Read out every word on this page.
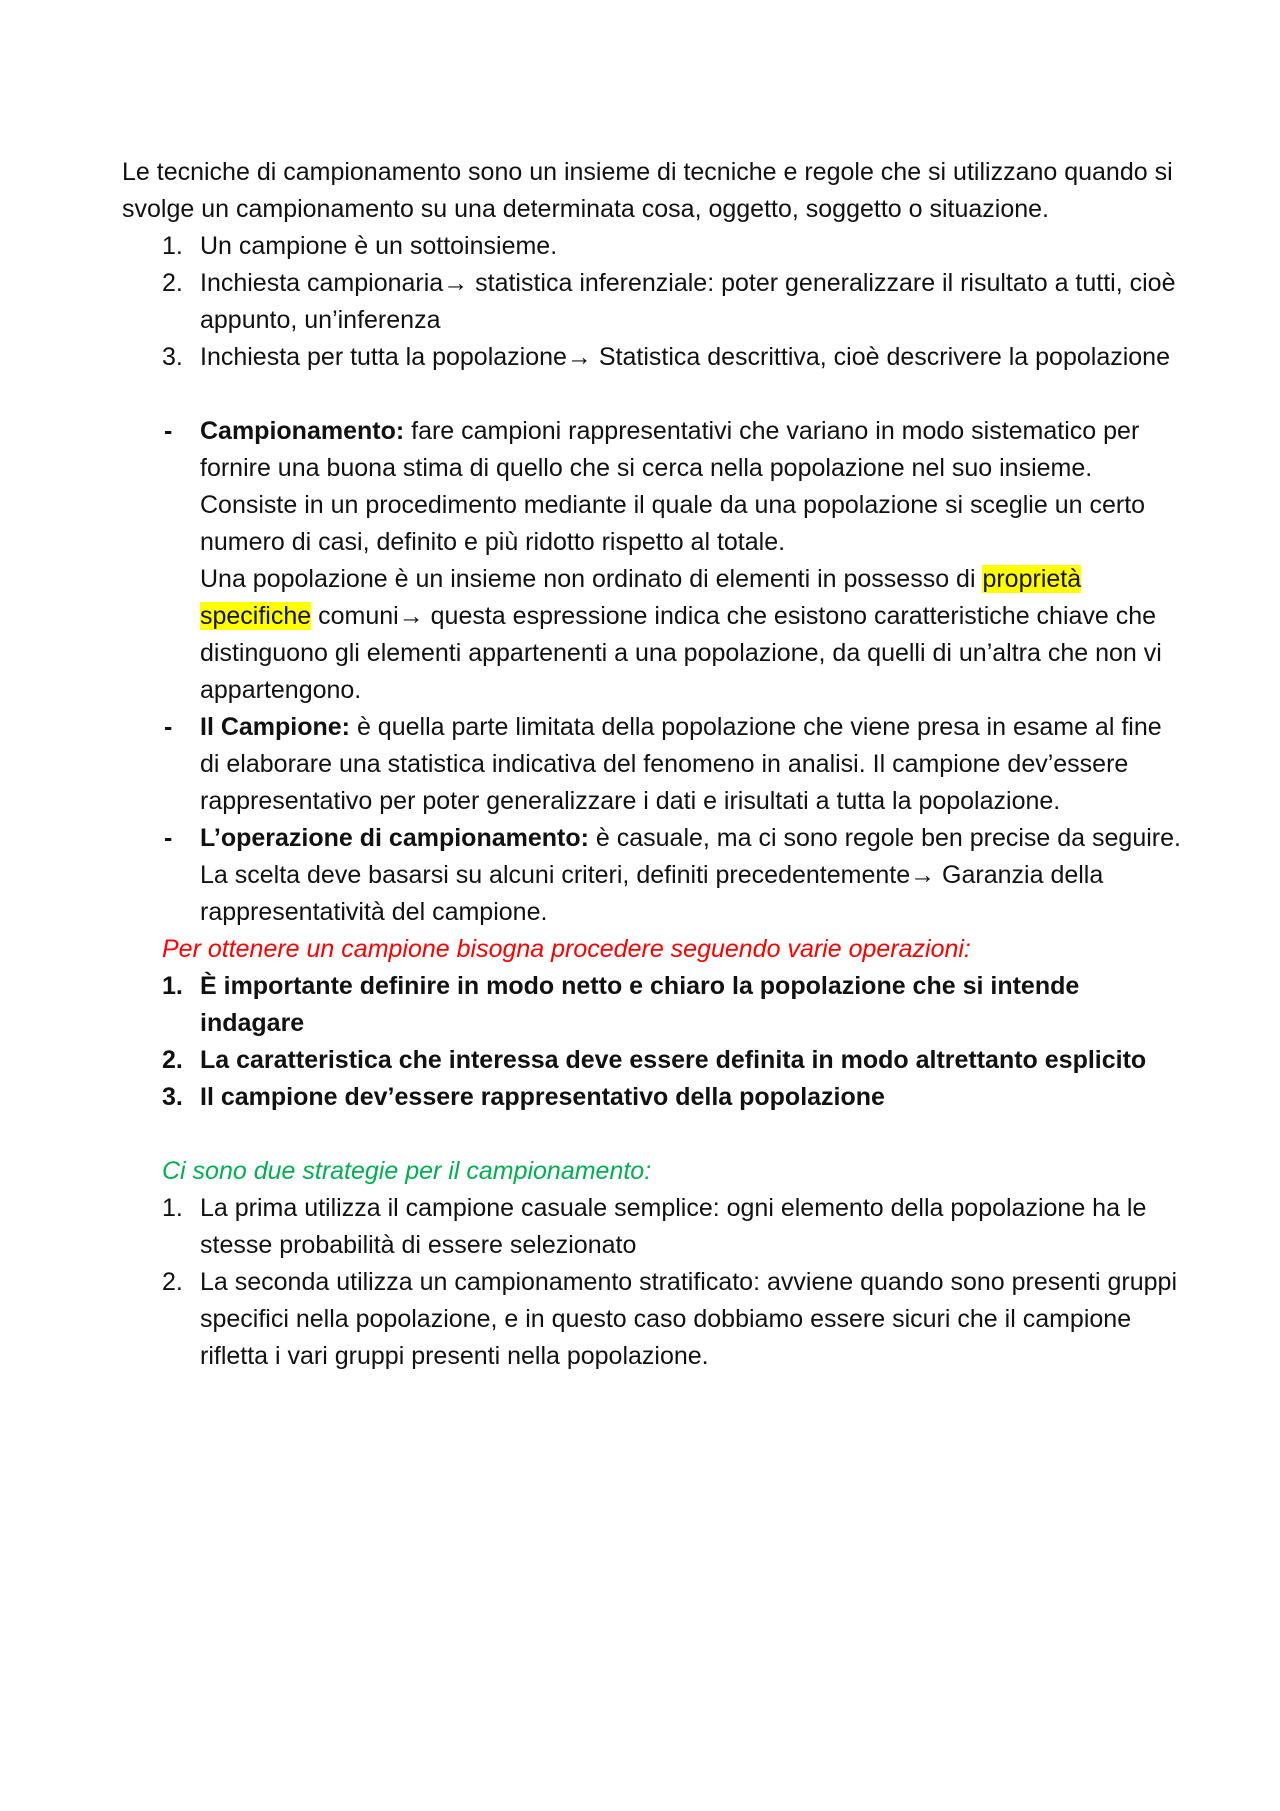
Le tecniche di campionamento sono un insieme di tecniche e regole che si utilizzano quando si svolge un campionamento su una determinata cosa, oggetto, soggetto o situazione.

1. Un campione è un sottoinsieme.
2. Inchiesta campionaria→ statistica inferenziale: poter generalizzare il risultato a tutti, cioè appunto, un’inferenza
3. Inchiesta per tutta la popolazione→ Statistica descrittiva, cioè descrivere la popolazione
- Campionamento: fare campioni rappresentativi che variano in modo sistematico per fornire una buona stima di quello che si cerca nella popolazione nel suo insieme. Consiste in un procedimento mediante il quale da una popolazione si sceglie un certo numero di casi, definito e più ridotto rispetto al totale.

Una popolazione è un insieme non ordinato di elementi in possesso di proprietà specifiche comuni→ questa espressione indica che esistono caratteristiche chiave che distinguono gli elementi appartenenti a una popolazione, da quelli di un’altra che non vi appartengono.

- Il Campione: è quella parte limitata della popolazione che viene presa in esame al fine di elaborare una statistica indicativa del fenomeno in analisi. Il campione dev’essere rappresentativo per poter generalizzare i dati e irisultati a tutta la popolazione.

- L’operazione di campionamento: è casuale, ma ci sono regole ben precise da seguire. La scelta deve basarsi su alcuni criteri, definiti precedentemente→ Garanzia della rappresentatività del campione.

Per ottenere un campione bisogna procedere seguendo varie operazioni:

1. È importante definire in modo netto e chiaro la popolazione che si intende indagare
2. La caratteristica che interessa deve essere definita in modo altrettanto esplicito
3. Il campione dev’essere rappresentativo della popolazione

Ci sono due strategie per il campionamento:

1. La prima utilizza il campione casuale semplice: ogni elemento della popolazione ha le stesse probabilità di essere selezionato
2. La seconda utilizza un campionamento stratificato: avviene quando sono presenti gruppi specifici nella popolazione, e in questo caso dobbiamo essere sicuri che il campione rifletta i vari gruppi presenti nella popolazione.
